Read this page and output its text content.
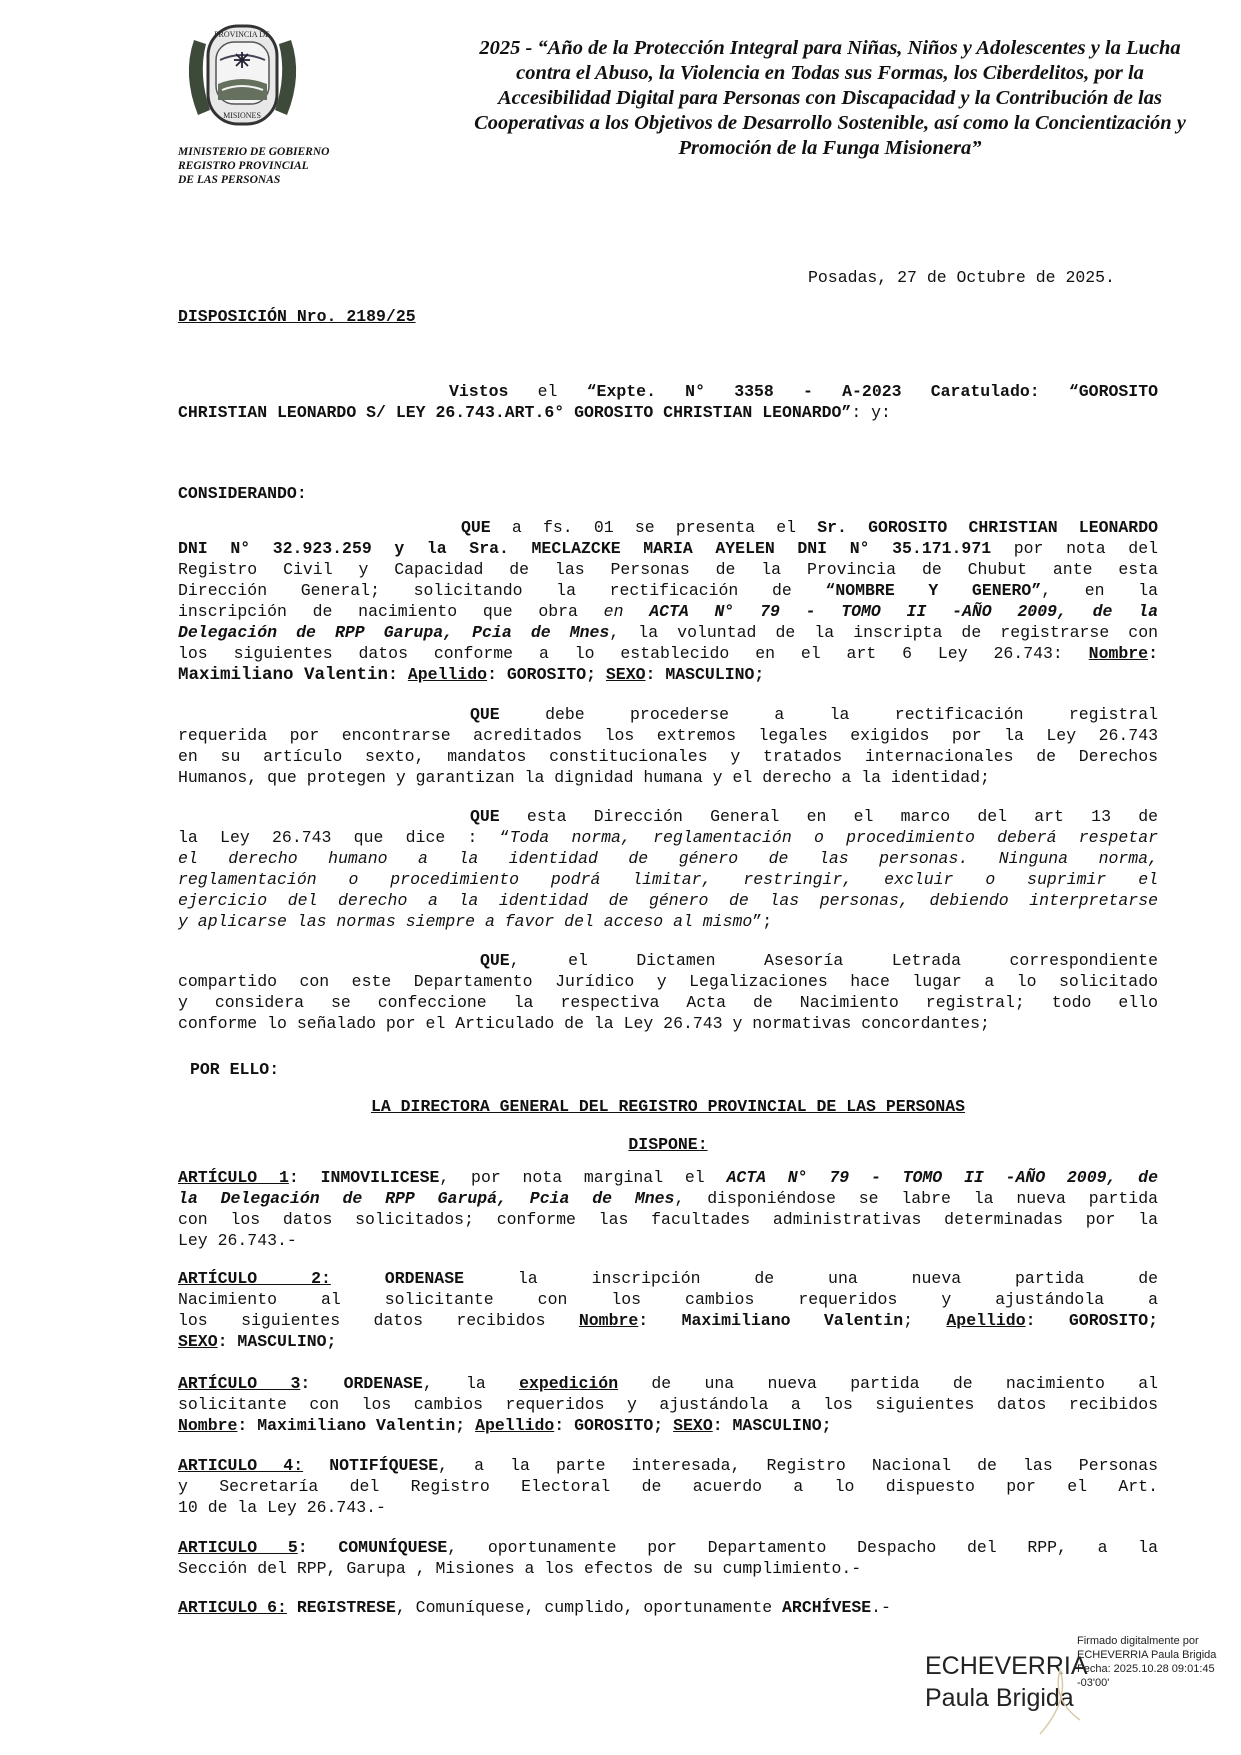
PROVINCIA DE
MISIONES
MINISTERIO DE GOBIERNO
REGISTRO PROVINCIAL
DE LAS PERSONAS
2025 - “Año de la Protección Integral para Niñas, Niños y Adolescentes y la Lucha
contra el Abuso, la Violencia en Todas sus Formas, los Ciberdelitos, por la
Accesibilidad Digital para Personas con Discapacidad y la Contribución de las
Cooperativas a los Objetivos de Desarrollo Sostenible, así como la Concientización y
Promoción de la Funga Misionera”
Posadas, 27 de Octubre de 2025.
DISPOSICIÓN Nro. 2189/25
Vistos el “Expte. N° 3358 - A-2023 Caratulado: “GOROSITO
CHRISTIAN LEONARDO S/ LEY 26.743.ART.6° GOROSITO CHRISTIAN LEONARDO”: y:
CONSIDERANDO:
QUE a fs. 01 se presenta el Sr. GOROSITO CHRISTIAN LEONARDO
DNI N° 32.923.259 y la Sra. MECLAZCKE MARIA AYELEN DNI N° 35.171.971 por nota del
Registro Civil y Capacidad de las Personas de la Provincia de Chubut ante esta
Dirección General; solicitando la rectificación de “NOMBRE Y GENERO”, en la
inscripción de nacimiento que obra en ACTA N° 79 - TOMO II -AÑO 2009, de la
Delegación de RPP Garupa, Pcia de Mnes, la voluntad de la inscripta de registrarse con
los siguientes datos conforme a lo establecido en el art 6 Ley 26.743: Nombre:
Maximiliano Valentin: Apellido: GOROSITO; SEXO: MASCULINO;
QUE debe procederse a la rectificación registral
requerida por encontrarse acreditados los extremos legales exigidos por la Ley 26.743
en su artículo sexto, mandatos constitucionales y tratados internacionales de Derechos
Humanos, que protegen y garantizan la dignidad humana y el derecho a la identidad;
QUE esta Dirección General en el marco del art 13 de
la Ley 26.743 que dice : “Toda norma, reglamentación o procedimiento deberá respetar
el derecho humano a la identidad de género de las personas. Ninguna norma,
reglamentación o procedimiento podrá limitar, restringir, excluir o suprimir el
ejercicio del derecho a la identidad de género de las personas, debiendo interpretarse
y aplicarse las normas siempre a favor del acceso al mismo”;
QUE, el Dictamen Asesoría Letrada correspondiente
compartido con este Departamento Jurídico y Legalizaciones hace lugar a lo solicitado
y considera se confeccione la respectiva Acta de Nacimiento registral; todo ello
conforme lo señalado por el Articulado de la Ley 26.743 y normativas concordantes;
POR ELLO:
LA DIRECTORA GENERAL DEL REGISTRO PROVINCIAL DE LAS PERSONAS
DISPONE:
ARTÍCULO 1: INMOVILICESE, por nota marginal el ACTA N° 79 - TOMO II -AÑO 2009, de
la Delegación de RPP Garupá, Pcia de Mnes, disponiéndose se labre la nueva partida
con los datos solicitados; conforme las facultades administrativas determinadas por la
Ley 26.743.-
ARTÍCULO 2:	ORDENASE la inscripción de una nueva partida de
Nacimiento al solicitante con los cambios requeridos y ajustándola a
los siguientes datos recibidos Nombre: Maximiliano Valentin; Apellido: GOROSITO;
SEXO: MASCULINO;
ARTÍCULO 3: ORDENASE, la expedición de una nueva partida de nacimiento al
solicitante con los cambios requeridos y ajustándola a los siguientes datos recibidos
Nombre: Maximiliano Valentin; Apellido: GOROSITO; SEXO: MASCULINO;
ARTICULO 4: NOTIFÍQUESE, a la parte interesada, Registro Nacional de las Personas
y Secretaría del Registro Electoral de acuerdo a lo dispuesto por el Art.
10 de la Ley 26.743.-
ARTICULO 5: COMUNÍQUESE, oportunamente por Departamento Despacho del RPP, a la
Sección del RPP, Garupa , Misiones a los efectos de su cumplimiento.-
ARTICULO 6: REGISTRESE, Comuníquese, cumplido, oportunamente ARCHÍVESE.-
ECHEVERRIA
Paula Brigida
Firmado digitalmente por
ECHEVERRIA Paula Brigida
Fecha: 2025.10.28 09:01:45
-03'00'
